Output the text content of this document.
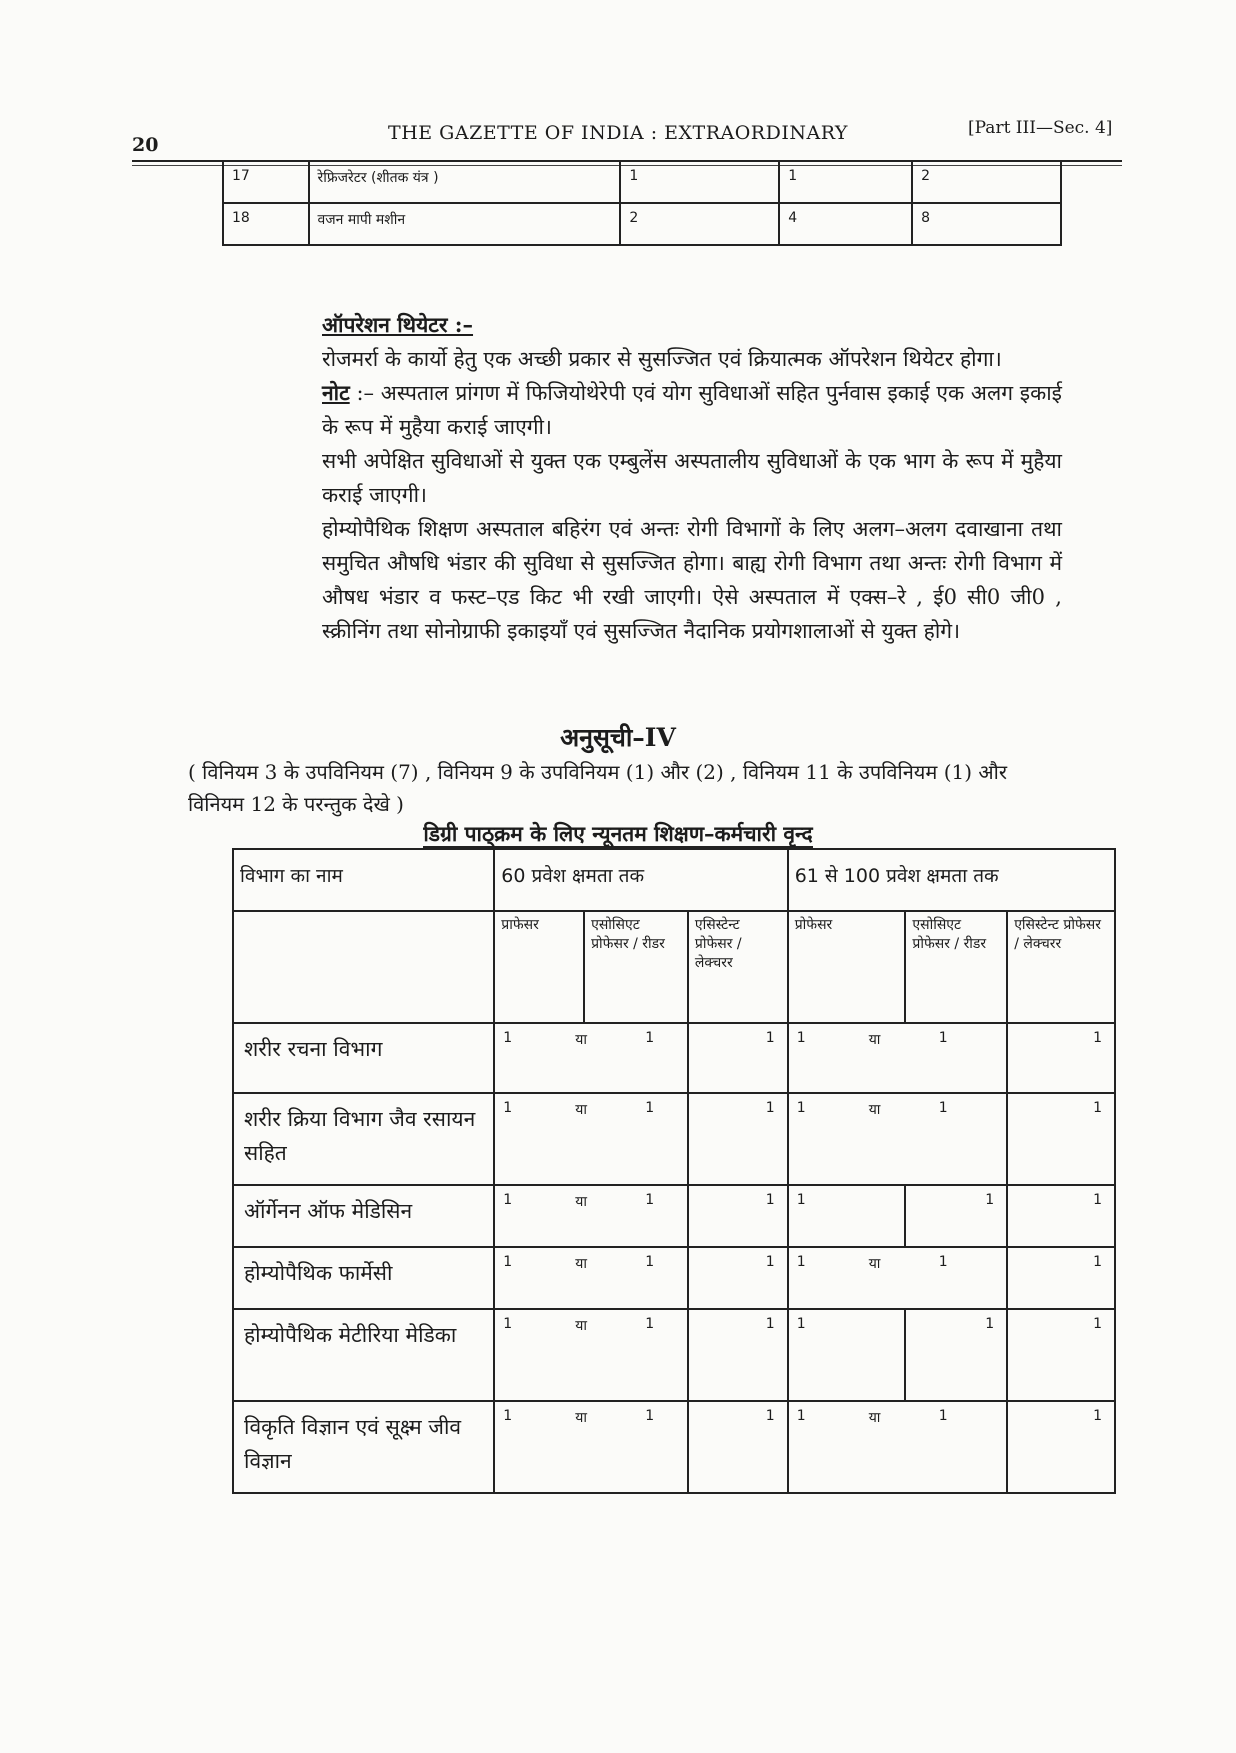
20
THE GAZETTE OF INDIA : EXTRAORDINARY	[Part III—Sec. 4]
17	रेफ्रिजरेटर (शीतक यंत्र )	1	1	2
18	वजन मापी मशीन	2	4	8

ऑपरेशन थियेटर :–

रोजमर्रा के कार्यो हेतु एक अच्छी प्रकार से सुसज्जित एवं क्रियात्मक ऑपरेशन थियेटर होगा।

नोट :– अस्पताल प्रांगण में फिजियोथेरेपी एवं योग सुविधाओं सहित पुर्नवास इकाई एक अलग इकाई के रूप में मुहैया कराई जाएगी।

सभी अपेक्षित सुविधाओं से युक्त एक एम्बुलेंस अस्पतालीय सुविधाओं के एक भाग के रूप में मुहैया कराई जाएगी।

होम्योपैथिक शिक्षण अस्पताल बहिरंग एवं अन्तः रोगी विभागों के लिए अलग–अलग दवाखाना तथा समुचित औषधि भंडार की सुविधा से सुसज्जित होगा। बाह्य रोगी विभाग तथा अन्तः रोगी विभाग में औषध भंडार व फस्ट–एड किट भी रखी जाएगी। ऐसे अस्पताल में एक्स–रे , ई0 सी0 जी0 , स्क्रीनिंग तथा सोनोग्राफी इकाइयाँ एवं सुसज्जित नैदानिक प्रयोगशालाओं से युक्त होगे।

अनुसूची–IV
( विनियम 3 के उपविनियम (7) , विनियम 9 के उपविनियम (1) और (2) , विनियम 11 के उपविनियम (1) और विनियम 12 के परन्तुक देखे )
डिग्री पाठ्क्रम के लिए न्यूनतम शिक्षण–कर्मचारी वृन्द
विभाग का नाम	60 प्रवेश क्षमता तक			61 से 100 प्रवेश क्षमता तक		
	प्राफेसर	एसोसिएट प्रोफेसर / रीडर	एसिस्टेन्ट प्रोफेसर / लेक्चरर	प्रोफेसर	एसोसिएट प्रोफेसर / रीडर	एसिस्टेन्ट प्रोफेसर / लेक्चरर
शरीर रचना विभाग	1 या 1		1	1 या 1		1

शरीर क्रिया विभाग जैव रसायन सहित	1 या 1		1	1 या 1		1

ऑर्गेनन ऑफ मेडिसिन	1 या 1		1	1	1	1

होम्योपैथिक फार्मेसी	1 या 1		1	1 या 1		1

होम्योपैथिक मेटीरिया मेडिका	1 या 1		1	1	1	1

विकृति विज्ञान एवं सूक्ष्म जीव विज्ञान	1 या 1		1	1 या 1		1
